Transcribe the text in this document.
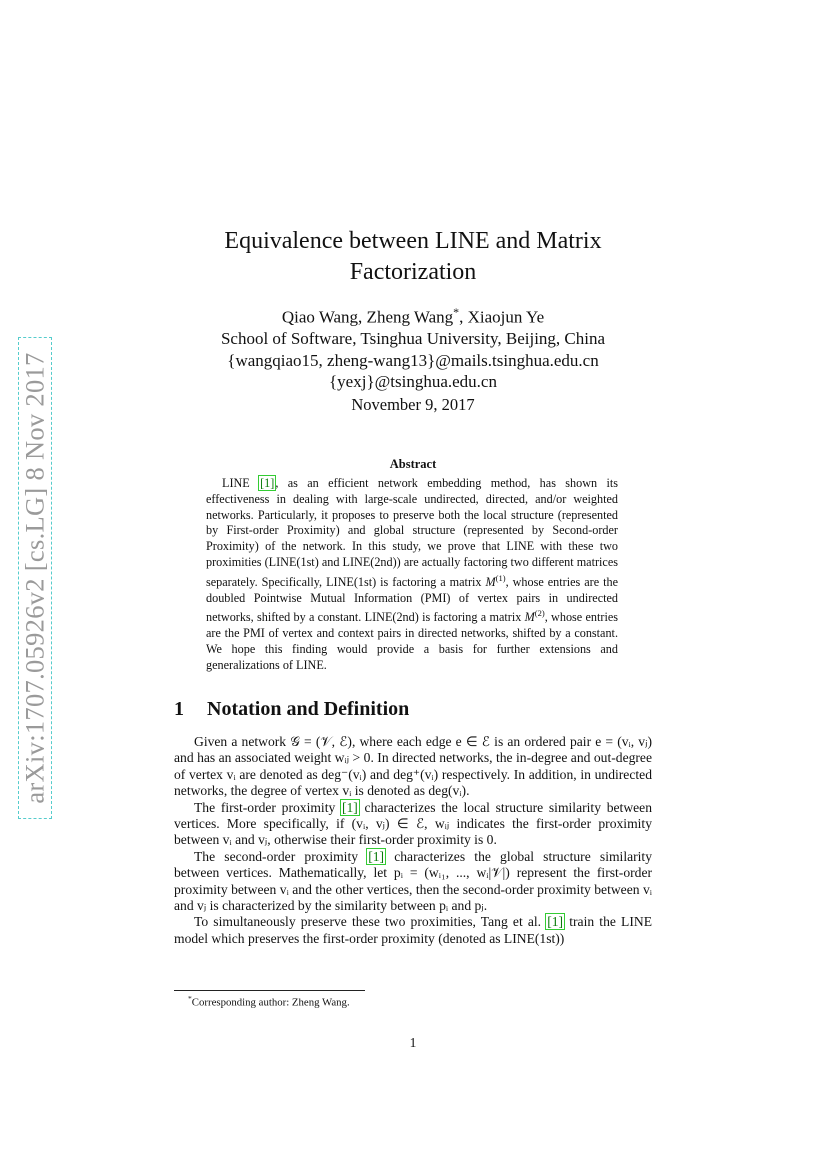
arXiv:1707.05926v2 [cs.LG] 8 Nov 2017
Equivalence between LINE and Matrix
Factorization
Qiao Wang, Zheng Wang*, Xiaojun Ye
School of Software, Tsinghua University, Beijing, China
{wangqiao15, zheng-wang13}@mails.tsinghua.edu.cn
{yexj}@tsinghua.edu.cn
November 9, 2017
Abstract

LINE [1], as an efficient network embedding method, has shown its effectiveness in dealing with large-scale undirected, directed, and/or weighted networks. Particularly, it proposes to preserve both the local structure (represented by First-order Proximity) and global structure (represented by Second-order Proximity) of the network. In this study, we prove that LINE with these two proximities (LINE(1st) and LINE(2nd)) are actually factoring two different matrices separately. Specifically, LINE(1st) is factoring a matrix $M^{(1)}$, whose entries are the doubled Pointwise Mutual Information (PMI) of vertex pairs in undirected networks, shifted by a constant. LINE(2nd) is factoring a matrix $M^{(2)}$, whose entries are the PMI of vertex and context pairs in directed networks, shifted by a constant. We hope this finding would provide a basis for further extensions and generalizations of LINE.

1 Notation and Definition

Given a network 𝒢 = (𝒱, ℰ), where each edge e ∈ ℰ is an ordered pair e = (vᵢ, vⱼ) and has an associated weight wᵢⱼ > 0. In directed networks, the in-degree and out-degree of vertex vᵢ are denoted as deg⁻(vᵢ) and deg⁺(vᵢ) respectively. In addition, in undirected networks, the degree of vertex vᵢ is denoted as deg(vᵢ).

The first-order proximity [1] characterizes the local structure similarity between vertices. More specifically, if (vᵢ, vⱼ) ∈ ℰ, wᵢⱼ indicates the first-order proximity between vᵢ and vⱼ, otherwise their first-order proximity is 0.

The second-order proximity [1] characterizes the global structure similarity between vertices. Mathematically, let pᵢ = (wᵢ₁, ..., wᵢ|𝒱|) represent the first-order proximity between vᵢ and the other vertices, then the second-order proximity between vᵢ and vⱼ is characterized by the similarity between pᵢ and pⱼ.

To simultaneously preserve these two proximities, Tang et al. [1] train the LINE model which preserves the first-order proximity (denoted as LINE(1st))

*Corresponding author: Zheng Wang.
1
